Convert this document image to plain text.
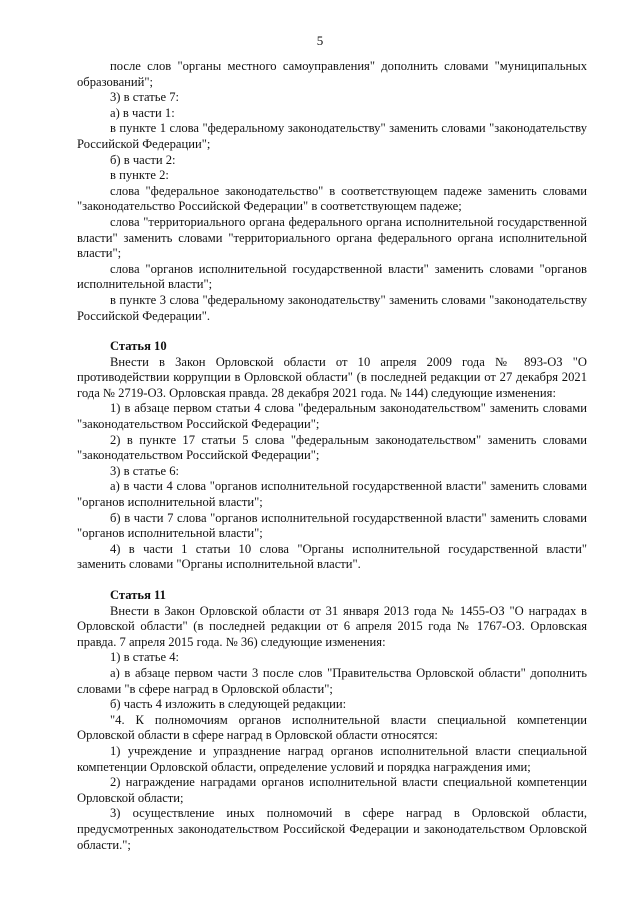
5

после слов "органы местного самоуправления" дополнить словами "муниципальных образований";

3) в статье 7:

а) в части 1:

в пункте 1 слова "федеральному законодательству" заменить словами "законодательству Российской Федерации";

б) в части 2:

в пункте 2:

слова "федеральное законодательство" в соответствующем падеже заменить словами "законодательство Российской Федерации" в соответствующем падеже;

слова "территориального органа федерального органа исполнительной государственной власти" заменить словами "территориального органа федерального органа исполнительной власти";

слова "органов исполнительной государственной власти" заменить словами "органов исполнительной власти";

в пункте 3 слова "федеральному законодательству" заменить словами "законодательству Российской Федерации".

Статья 10

Внести в Закон Орловской области от 10 апреля 2009 года № 893-ОЗ "О противодействии коррупции в Орловской области" (в последней редакции от 27 декабря 2021 года № 2719-ОЗ. Орловская правда. 28 декабря 2021 года. № 144) следующие изменения:

1) в абзаце первом статьи 4 слова "федеральным законодательством" заменить словами "законодательством Российской Федерации";

2) в пункте 17 статьи 5 слова "федеральным законодательством" заменить словами "законодательством Российской Федерации";

3) в статье 6:

а) в части 4 слова "органов исполнительной государственной власти" заменить словами "органов исполнительной власти";

б) в части 7 слова "органов исполнительной государственной власти" заменить словами "органов исполнительной власти";

4) в части 1 статьи 10 слова "Органы исполнительной государственной власти" заменить словами "Органы исполнительной власти".

Статья 11

Внести в Закон Орловской области от 31 января 2013 года № 1455-ОЗ "О наградах в Орловской области" (в последней редакции от 6 апреля 2015 года № 1767-ОЗ. Орловская правда. 7 апреля 2015 года. № 36) следующие изменения:

1) в статье 4:

а) в абзаце первом части 3 после слов "Правительства Орловской области" дополнить словами "в сфере наград в Орловской области";

б) часть 4 изложить в следующей редакции:

"4. К полномочиям органов исполнительной власти специальной компетенции Орловской области в сфере наград в Орловской области относятся:

1) учреждение и упразднение наград органов исполнительной власти специальной компетенции Орловской области, определение условий и порядка награждения ими;

2) награждение наградами органов исполнительной власти специальной компетенции Орловской области;

3) осуществление иных полномочий в сфере наград в Орловской области, предусмотренных законодательством Российской Федерации и законодательством Орловской области.";
